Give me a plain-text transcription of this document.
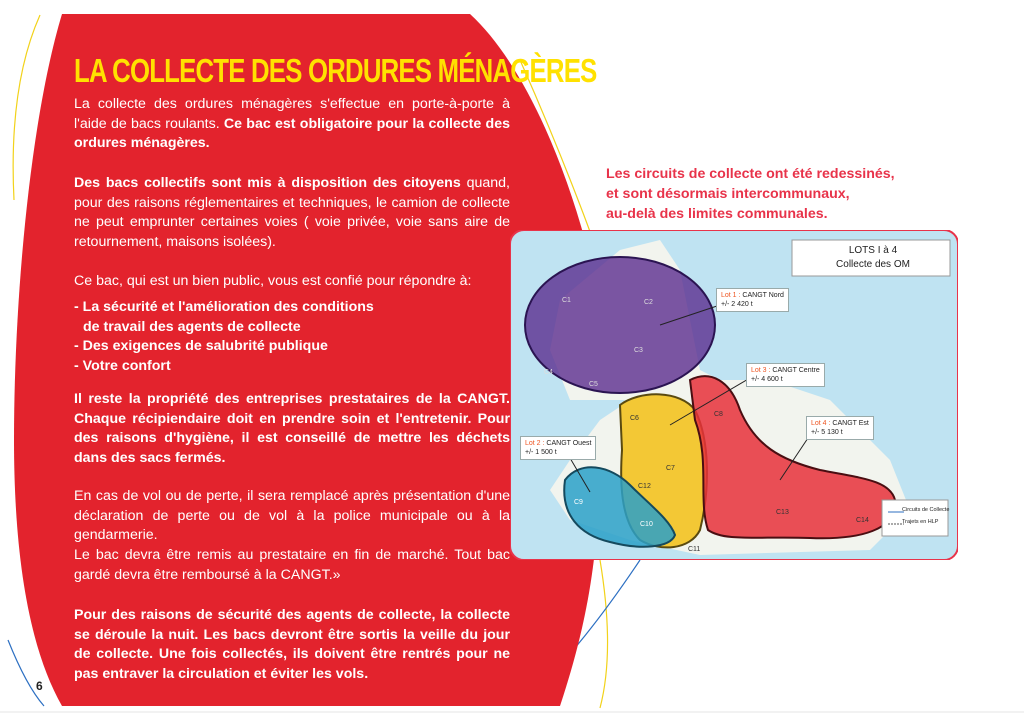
LA COLLECTE DES ORDURES MÉNAGÈRES

La collecte des ordures ménagères s'effectue en porte-à-porte à l'aide de bacs roulants. Ce bac est obligatoire pour la collecte des ordures ménagères.

Des bacs collectifs sont mis à disposition des citoyens quand, pour des raisons réglementaires et techniques, le camion de collecte ne peut emprunter certaines voies ( voie privée, voie sans aire de retournement, maisons isolées).

Ce bac, qui est un bien public, vous est confié pour répondre à:

- La sécurité et l'amélioration des conditions
de travail des agents de collecte
- Des exigences de salubrité publique
- Votre confort

Il reste la propriété des entreprises prestataires de la CANGT. Chaque récipiendaire doit en prendre soin et l'entretenir. Pour des raisons d'hygiène, il est conseillé de mettre les déchets dans des sacs fermés.

En cas de vol ou de perte, il sera remplacé après présentation d'une déclaration de perte ou de vol à la police municipale ou à la gendarmerie.

Le bac devra être remis au prestataire en fin de marché. Tout bac gardé devra être remboursé à la CANGT.»

Pour des raisons de sécurité des agents de collecte, la collecte se déroule la nuit. Les bacs devront être sortis la veille du jour de collecte. Une fois collectés, ils doivent être rentrés pour ne pas entraver la circulation et éviter les vols.

Les circuits de collecte ont été redessinés,
et sont désormais intercommunaux,
au-delà des limites communales.
LOTS I à 4
Collecte des OM
Lot 1 : CANGT Nord
+/- 2 420 t
Lot 3 : CANGT Centre
+/- 4 600 t
Lot 4 : CANGT Est
+/- 5 130 t
Lot 2 : CANGT Ouest
+/- 1 500 t
C1	C2
C3
C4
C5
C6
C7
C8
C9
C10
C11
C12
C13
C14
Circuits de Collecte
Trajets en HLP
6
